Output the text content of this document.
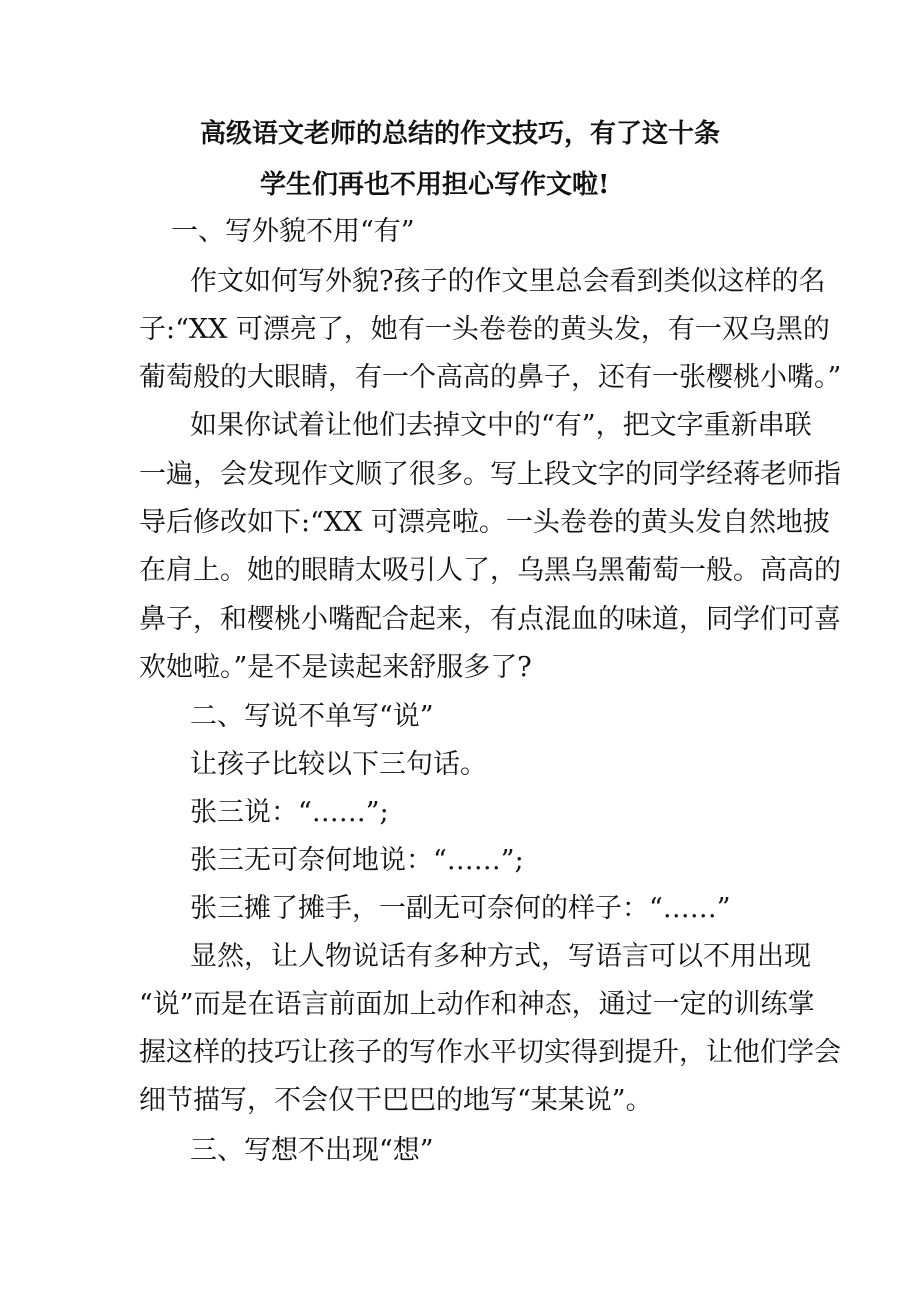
高级语文老师的总结的作文技巧，有了这十条
学生们再也不用担心写作文啦!
一、写外貌不用“有”
作文如何写外貌?孩子的作文里总会看到类似这样的名
子:“XX 可漂亮了，她有一头卷卷的黄头发，有一双乌黑的
葡萄般的大眼睛，有一个高高的鼻子，还有一张樱桃小嘴。”
如果你试着让他们去掉文中的“有”，把文字重新串联
一遍，会发现作文顺了很多。写上段文字的同学经蒋老师指
导后修改如下:“XX 可漂亮啦。一头卷卷的黄头发自然地披
在肩上。她的眼睛太吸引人了，乌黑乌黑葡萄一般。高高的
鼻子，和樱桃小嘴配合起来，有点混血的味道，同学们可喜
欢她啦。”是不是读起来舒服多了?
二、写说不单写“说”
让孩子比较以下三句话。
张三说：“……”;
张三无可奈何地说：“……”;
张三摊了摊手，一副无可奈何的样子：“……”
显然，让人物说话有多种方式，写语言可以不用出现
“说”而是在语言前面加上动作和神态，通过一定的训练掌
握这样的技巧让孩子的写作水平切实得到提升，让他们学会
细节描写，不会仅干巴巴的地写“某某说”。
三、写想不出现“想”
